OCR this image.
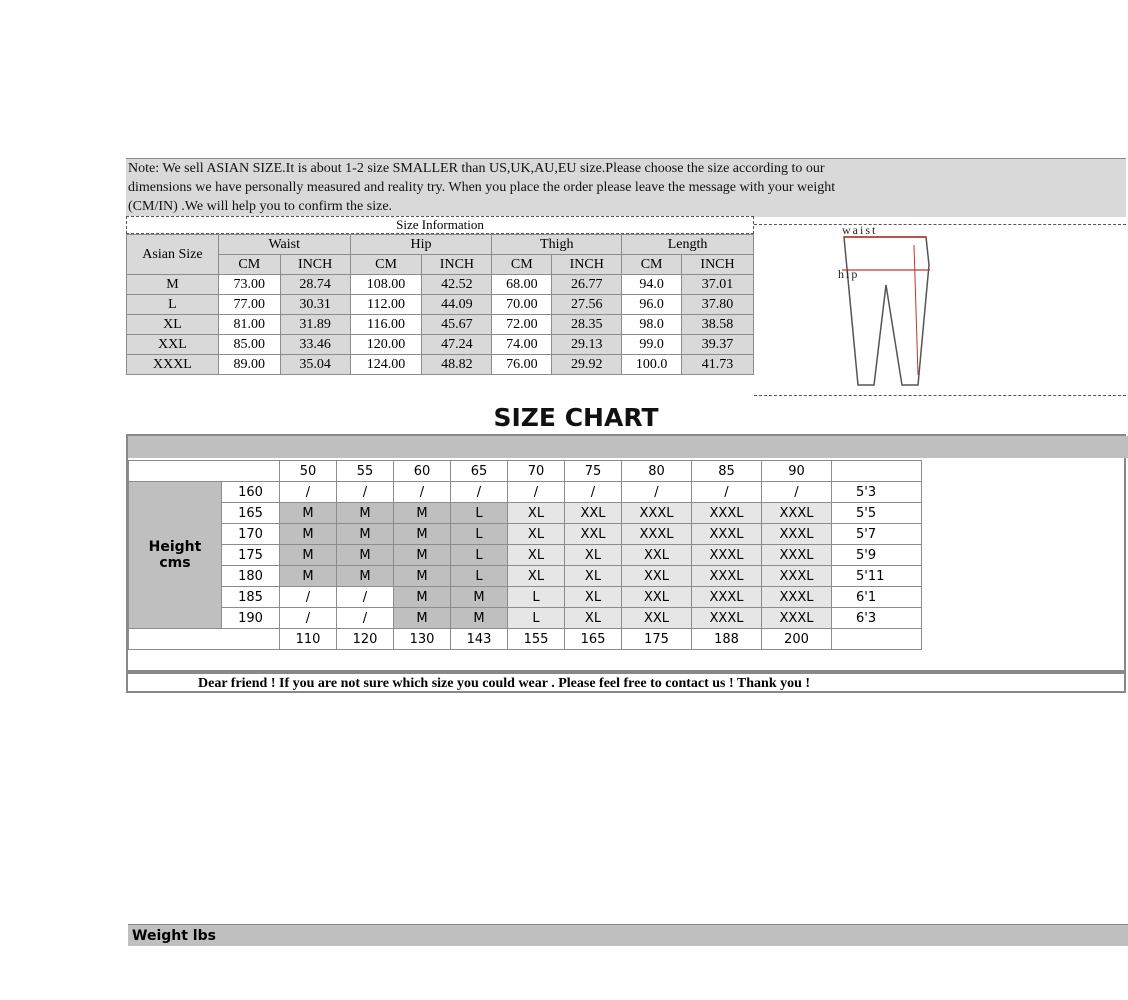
Note: We sell ASIAN SIZE.It is about 1-2 size SMALLER than US,UK,AU,EU size.Please choose the size according to our
dimensions we have personally measured and reality try. When you place the order please leave the message with your weight
(CM/IN) .We will help you to confirm the size.
Size Information
Asian Size	Waist		Hip		Thigh		Length	
	CM	INCH	CM	INCH	CM	INCH	CM	INCH
M	73.00	28.74	108.00	42.52	68.00	26.77	94.0	37.01
L	77.00	30.31	112.00	44.09	70.00	27.56	96.0	37.80
XL	81.00	31.89	116.00	45.67	72.00	28.35	98.0	38.58
XXL	85.00	33.46	120.00	47.24	74.00	29.13	99.0	39.37
XXXL	89.00	35.04	124.00	48.82	76.00	29.92	100.0	41.73
waist
hip
SIZE CHART
		50	55	60	65	70	75	80	85	90	

Height
cms	160	/	/	/	/	/	/	/	/	/	5'3
	165	M	M	M	L	XL	XXL	XXXL	XXXL	XXXL	5'5
	170	M	M	M	L	XL	XXL	XXXL	XXXL	XXXL	5'7
	175	M	M	M	L	XL	XL	XXL	XXXL	XXXL	5'9
	180	M	M	M	L	XL	XL	XXL	XXXL	XXXL	5'11
	185	/	/	M	M	L	XL	XXL	XXXL	XXXL	6'1
	190	/	/	M	M	L	XL	XXL	XXXL	XXXL	6'3
		110	120	130	143	155	165	175	188	200	
Weight lbs
Dear friend ! If you are not sure which size you could wear . Please feel free to contact us ! Thank you !
